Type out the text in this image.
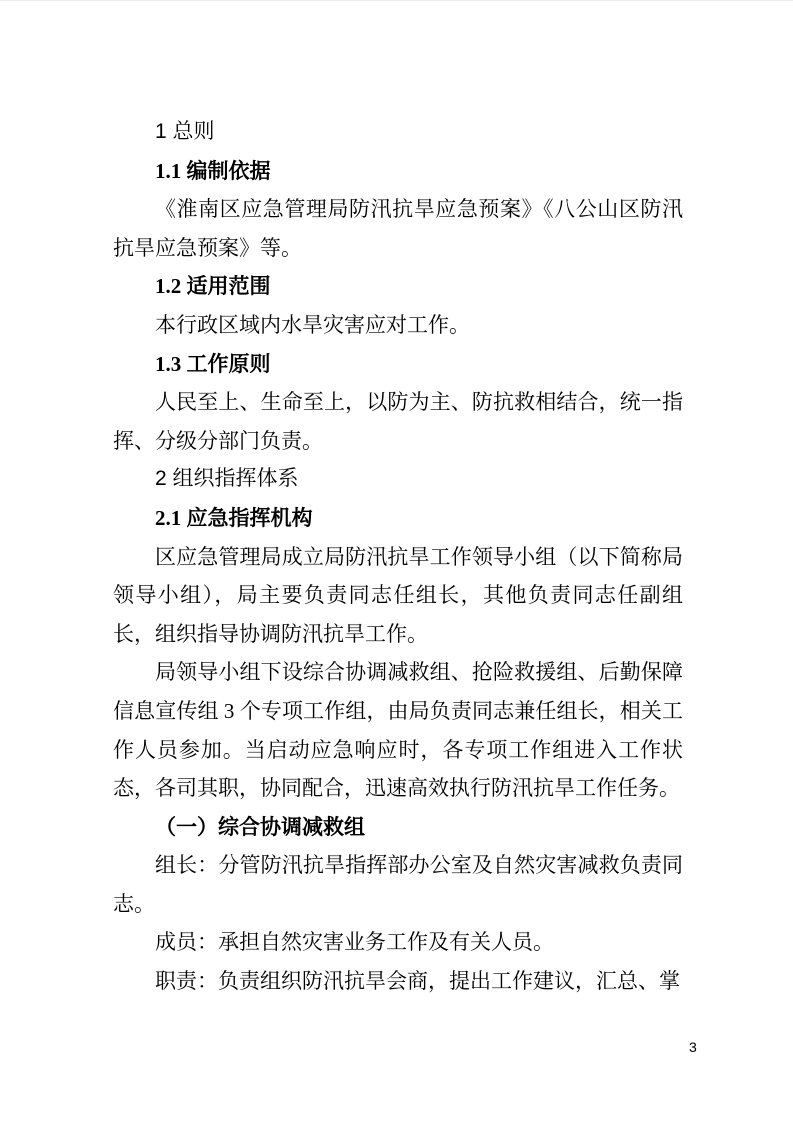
1 总则
1.1 编制依据
《淮南区应急管理局防汛抗旱应急预案》《八公山区防汛抗旱应急预案》等。
1.2 适用范围
本行政区域内水旱灾害应对工作。
1.3 工作原则
人民至上、生命至上，以防为主、防抗救相结合，统一指挥、分级分部门负责。
2 组织指挥体系
2.1 应急指挥机构
区应急管理局成立局防汛抗旱工作领导小组（以下简称局领导小组），局主要负责同志任组长，其他负责同志任副组长，组织指导协调防汛抗旱工作。
局领导小组下设综合协调减救组、抢险救援组、后勤保障信息宣传组 3 个专项工作组，由局负责同志兼任组长，相关工作人员参加。当启动应急响应时，各专项工作组进入工作状态，各司其职，协同配合，迅速高效执行防汛抗旱工作任务。
（一）综合协调减救组
组长：分管防汛抗旱指挥部办公室及自然灾害减救负责同志。
成员：承担自然灾害业务工作及有关人员。
职责：负责组织防汛抗旱会商，提出工作建议，汇总、掌
3
